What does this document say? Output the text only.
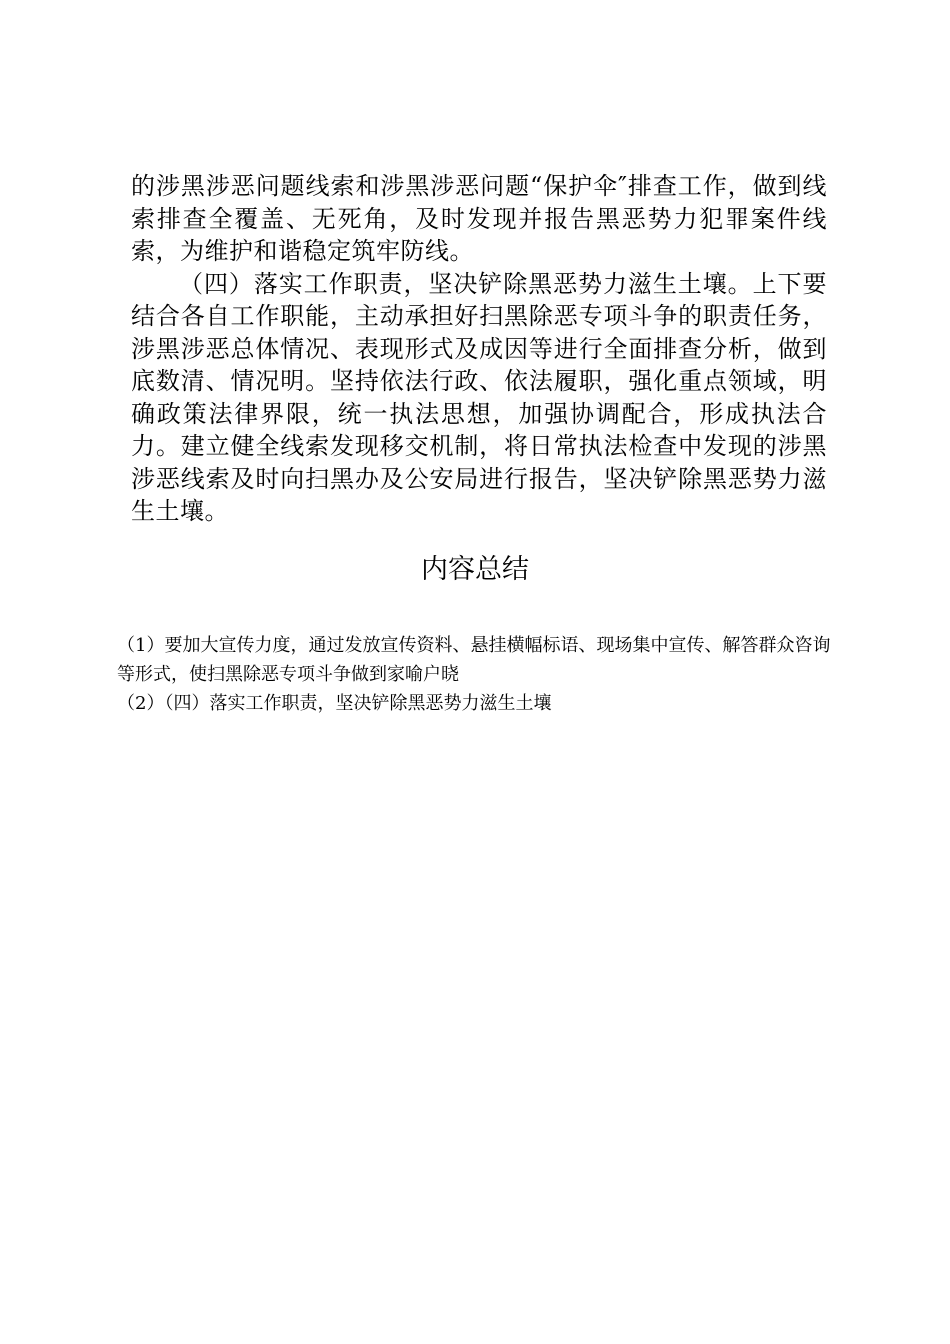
的涉黑涉恶问题线索和涉黑涉恶问题“保护伞″排查工作，做到线索排查全覆盖、无死角，及时发现并报告黑恶势力犯罪案件线索，为维护和谐稳定筑牢防线。

（四）落实工作职责，坚决铲除黑恶势力滋生土壤。上下要结合各自工作职能，主动承担好扫黑除恶专项斗争的职责任务，涉黑涉恶总体情况、表现形式及成因等进行全面排查分析，做到底数清、情况明。坚持依法行政、依法履职，强化重点领域，明确政策法律界限，统一执法思想，加强协调配合，形成执法合力。建立健全线索发现移交机制，将日常执法检查中发现的涉黑涉恶线索及时向扫黑办及公安局进行报告，坚决铲除黑恶势力滋生土壤。

内容总结
（1）要加大宣传力度，通过发放宣传资料、悬挂横幅标语、现场集中宣传、解答群众咨询等形式，使扫黑除恶专项斗争做到家喻户晓
（2）（四）落实工作职责，坚决铲除黑恶势力滋生土壤
